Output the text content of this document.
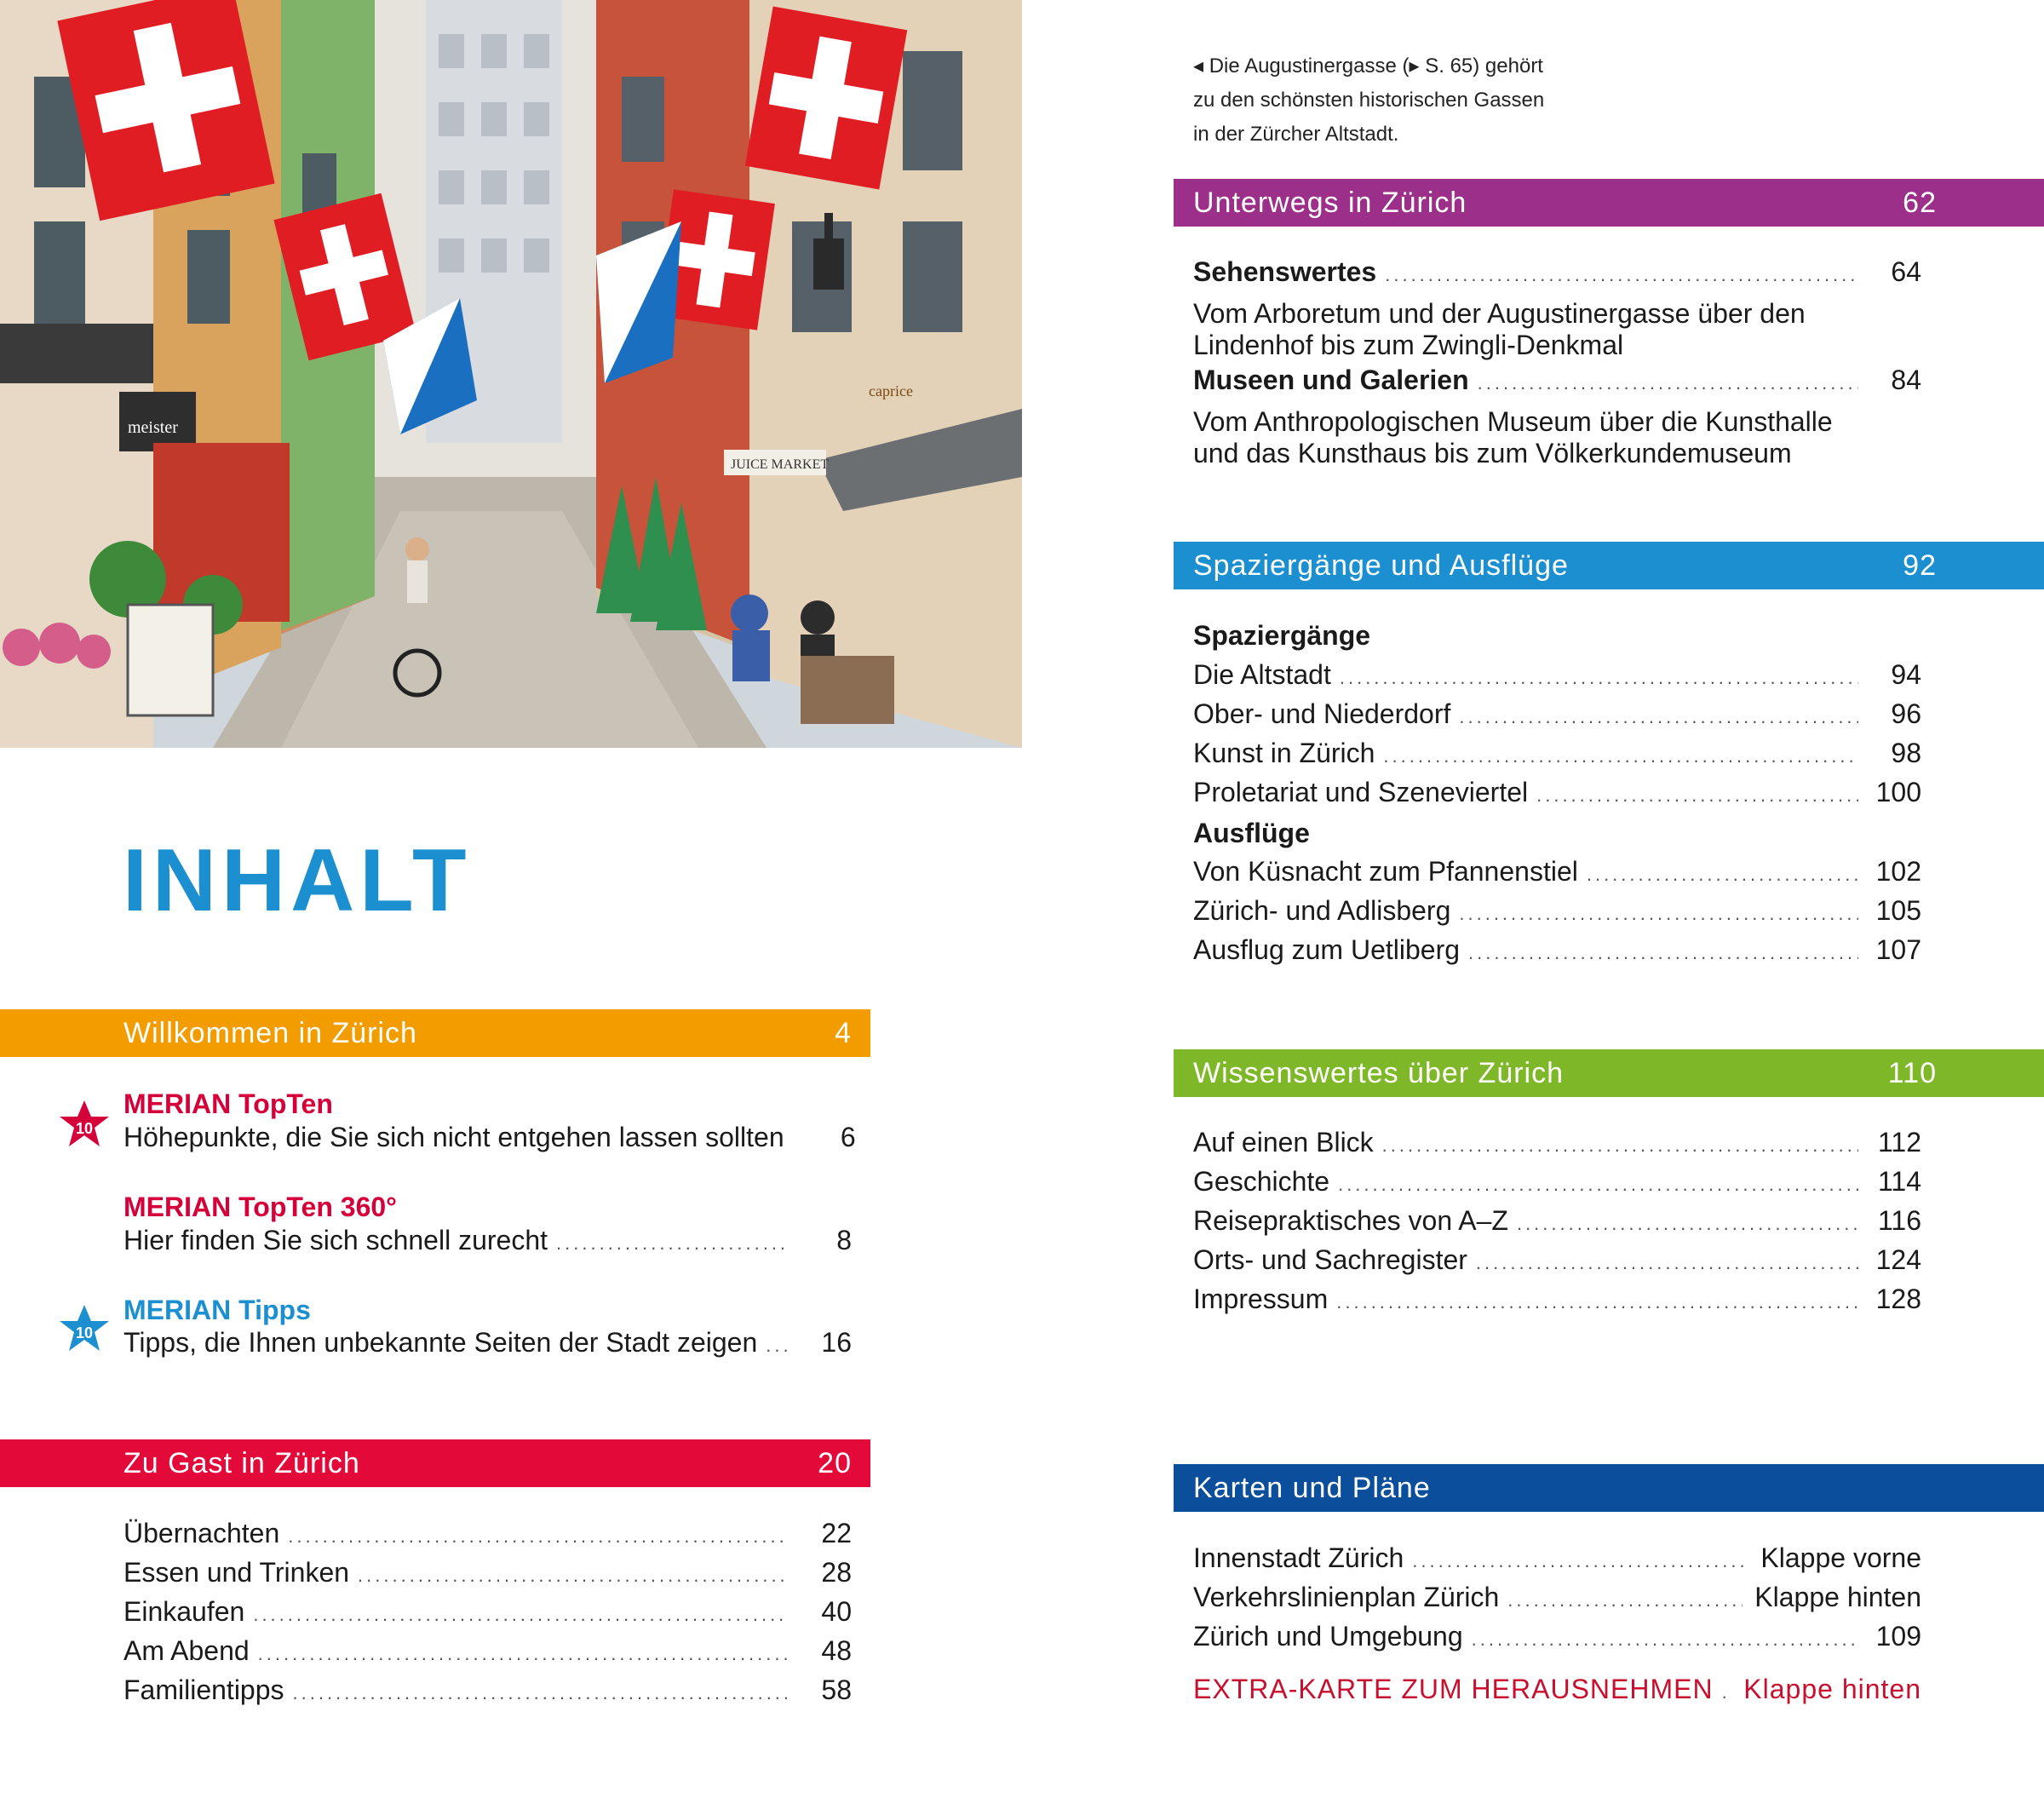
meister
JUICE MARKET
caprice
INHALT
Willkommen in Zürich	4
10
MERIAN TopTen
Höhepunkte, die Sie sich nicht entgehen lassen sollten	6
MERIAN TopTen 360°
Hier finden Sie sich schnell zurecht .....	8
10
MERIAN Tipps
Tipps, die Ihnen unbekannte Seiten der Stadt zeigen .....	16
Zu Gast in Zürich	20
Übernachten .....	22
Essen und Trinken .....	28
Einkaufen .....	40
Am Abend .....	48
Familientipps .....	58
◂ Die Augustinergasse (▸ S. 65) gehört
zu den schönsten historischen Gassen
in der Zürcher Altstadt.
Unterwegs in Zürich	62
Sehenswertes .....	64
Vom Arboretum und der Augustinergasse über den
Lindenhof bis zum Zwingli-Denkmal
Museen und Galerien .....	84
Vom Anthropologischen Museum über die Kunsthalle
und das Kunsthaus bis zum Völkerkundemuseum
Spaziergänge und Ausflüge	92
Spaziergänge
Die Altstadt .....	94
Ober- und Niederdorf .....	96
Kunst in Zürich .....	98
Proletariat und Szeneviertel .....	100
Ausflüge
Von Küsnacht zum Pfannenstiel .....	102
Zürich- und Adlisberg .....	105
Ausflug zum Uetliberg .....	107
Wissenswertes über Zürich	110
Auf einen Blick .....	112
Geschichte .....	114
Reisepraktisches von A–Z .....	116
Orts- und Sachregister .....	124
Impressum .....	128
Karten und Pläne
Innenstadt Zürich .....	Klappe vorne
Verkehrslinienplan Zürich .....	Klappe hinten
Zürich und Umgebung .....	109
EXTRA-KARTE ZUM HERAUSNEHMEN .....	Klappe hinten
